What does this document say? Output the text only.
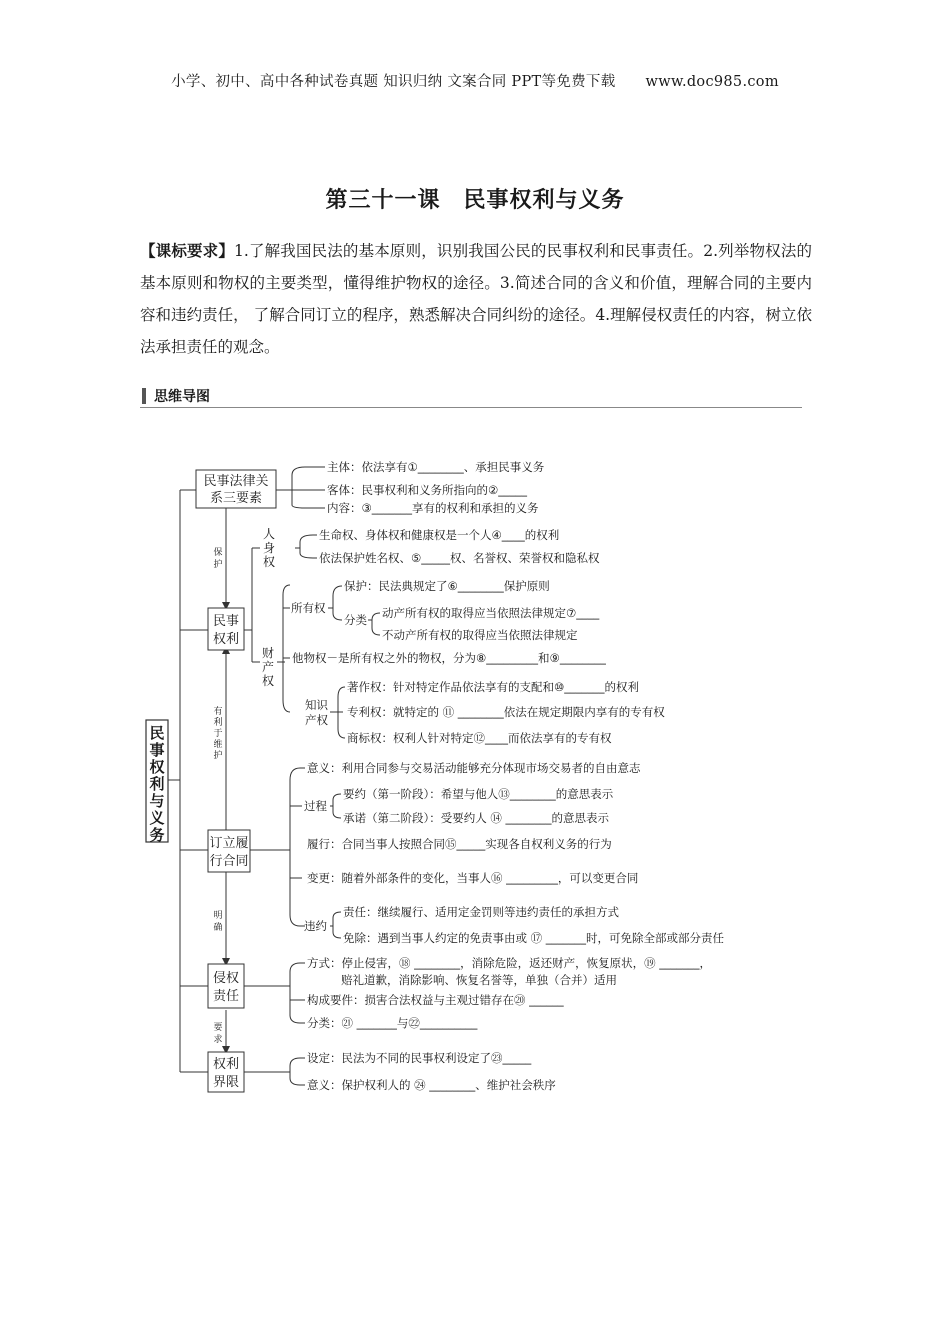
小学、初中、高中各种试卷真题 知识归纳 文案合同 PPT等免费下载 www.doc985.com
第三十一课　民事权利与义务
【课标要求】1.了解我国民法的基本原则，识别我国公民的民事权利和民事责任。2.列举物权法的基本原则和物权的主要类型，懂得维护物权的途径。3.简述合同的含义和价值，理解合同的主要内容和违约责任， 了解合同订立的程序，熟悉解决合同纠纷的途径。4.理解侵权责任的内容，树立依法承担责任的观念。
思维导图
民
事
权
利
与
义
务
民事法律关
系三要素
民事
权利
订立履
行合同
侵权
责任
权利
界限
保
护
有
利
于
维
护
明
确
要
求
人
身
权
财
产
权
所有权
分类
知识
产权
过程
违约
主体：依法享有①________、承担民事义务
客体：民事权利和义务所指向的②_____
内容：③_______享有的权利和承担的义务
生命权、身体权和健康权是一个人④____的权利
依法保护姓名权、⑤_____权、名誉权、荣誉权和隐私权
保护：民法典规定了⑥________保护原则
动产所有权的取得应当依照法律规定⑦____
不动产所有权的取得应当依照法律规定
他物权－是所有权之外的物权，分为⑧_________和⑨________
著作权：针对特定作品依法享有的支配和⑩_______的权利
专利权：就特定的 ⑪ ________依法在规定期限内享有的专有权
商标权：权利人针对特定⑫____而依法享有的专有权
意义：利用合同参与交易活动能够充分体现市场交易者的自由意志
要约（第一阶段）：希望与他人⑬________的意思表示
承诺（第二阶段）：受要约人 ⑭ ________的意思表示
履行：合同当事人按照合同⑮_____实现各自权利义务的行为
变更：随着外部条件的变化，当事人⑯ _________，可以变更合同
责任：继续履行、适用定金罚则等违约责任的承担方式
免除：遇到当事人约定的免责事由或 ⑰ _______时，可免除全部或部分责任
方式：停止侵害，⑱ ________，消除危险，返还财产，恢复原状，⑲ _______，
赔礼道歉，消除影响、恢复名誉等，单独（合并）适用
构成要件：损害合法权益与主观过错存在⑳ ______
分类：㉑ _______与㉒__________
设定：民法为不同的民事权利设定了㉓_____
意义：保护权利人的 ㉔ ________、维护社会秩序
